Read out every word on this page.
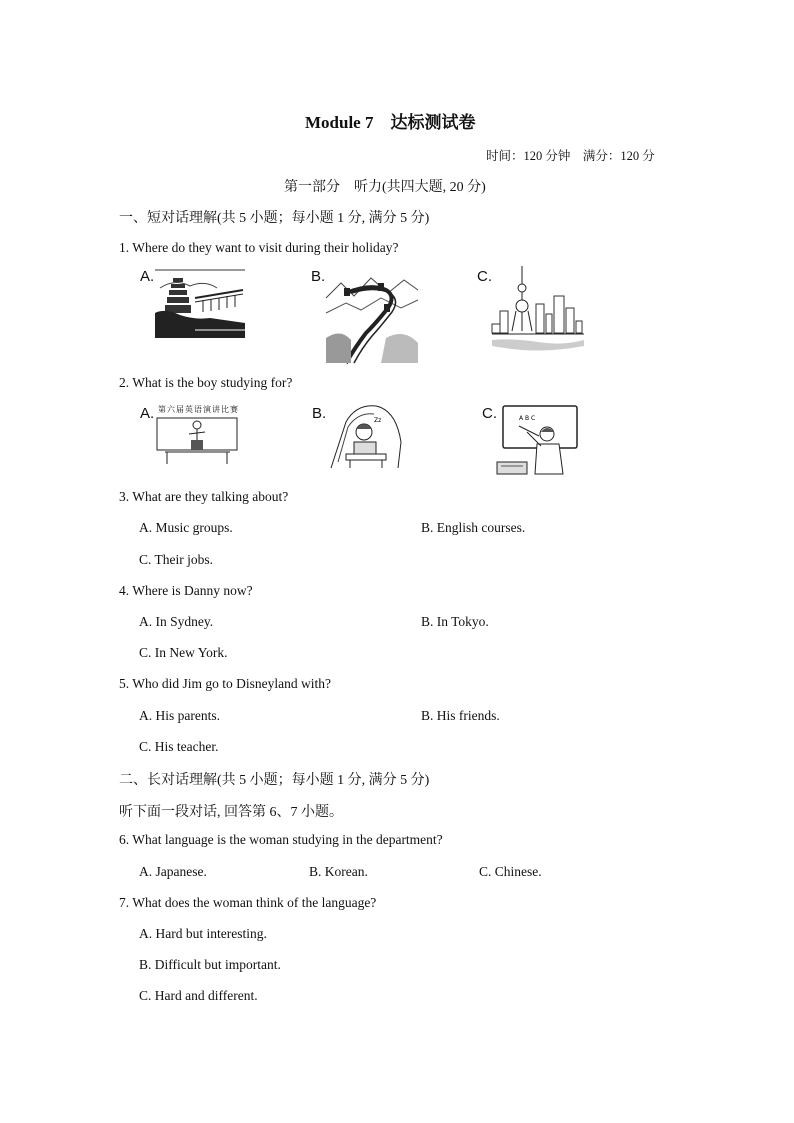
Module 7　达标测试卷
时间：120 分钟　满分：120 分
第一部分　听力(共四大题, 20 分)
一、短对话理解(共 5 小题；每小题 1 分, 满分 5 分)
1. Where do they want to visit during their holiday?
A.	B.	C.
2. What is the boy studying for?
A. 第六届英语演讲比赛	B.	Zz	C.	A B C
3. What are they talking about?
A. Music groups.	B. English courses.
C. Their jobs.
4. Where is Danny now?
A. In Sydney.	B. In Tokyo.
C. In New York.
5. Who did Jim go to Disneyland with?
A. His parents.	B. His friends.
C. His teacher.
二、长对话理解(共 5 小题；每小题 1 分, 满分 5 分)
听下面一段对话, 回答第 6、7 小题。
6. What language is the woman studying in the department?
A. Japanese.	B. Korean.	C. Chinese.
7. What does the woman think of the language?
A. Hard but interesting.
B. Difficult but important.
C. Hard and different.
